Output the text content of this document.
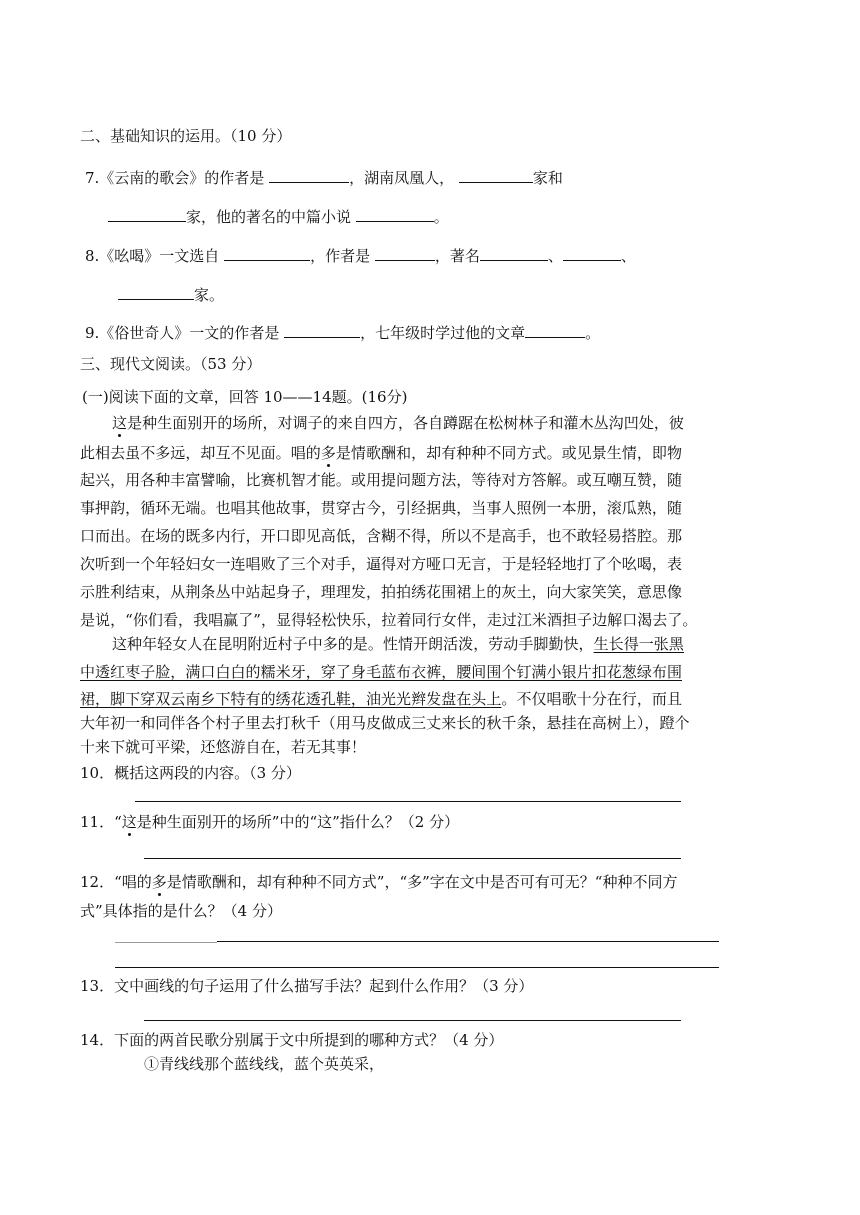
二、基础知识的运用。（10 分）
7.《云南的歌会》的作者是	，湖南凤凰人，	家和
家，他的著名的中篇小说	。
8.《吆喝》一文选自	，作者是	，著名	、	、
家。
9.《俗世奇人》一文的作者是	，七年级时学过他的文章	。
三、现代文阅读。（53 分）
(一)阅读下面的文章，回答 10——14题。(16分)
这是种生面别开的场所，对调子的来自四方，各自蹲踞在松树林子和灌木丛沟凹处，彼
此相去虽不多远，却互不见面。唱的多是情歌酬和，却有种种不同方式。或见景生情，即物
起兴，用各种丰富譬喻，比赛机智才能。或用提问题方法，等待对方答解。或互嘲互赞，随
事押韵，循环无端。也唱其他故事，贯穿古今，引经据典，当事人照例一本册，滚瓜熟，随
口而出。在场的既多内行，开口即见高低，含糊不得，所以不是高手，也不敢轻易搭腔。那
次听到一个年轻妇女一连唱败了三个对手，逼得对方哑口无言，于是轻轻地打了个吆喝，表
示胜利结束，从荆条丛中站起身子，理理发，拍拍绣花围裙上的灰土，向大家笑笑，意思像
是说，“你们看，我唱赢了”，显得轻松快乐，拉着同行女伴，走过江米酒担子边解口渴去了。
这种年轻女人在昆明附近村子中多的是。性情开朗活泼，劳动手脚勤快，生长得一张黑
中透红枣子脸，满口白白的糯米牙，穿了身毛蓝布衣裤，腰间围个钉满小银片扣花葱绿布围
裙，脚下穿双云南乡下特有的绣花透孔鞋，油光光辫发盘在头上。不仅唱歌十分在行，而且
大年初一和同伴各个村子里去打秋千（用马皮做成三丈来长的秋千条，悬挂在高树上），蹬个
十来下就可平梁，还悠游自在，若无其事！
10．概括这两段的内容。（3 分）
11．“这是种生面别开的场所”中的“这”指什么？（2 分）
12．“唱的多是情歌酬和，却有种种不同方式”，“多”字在文中是否可有可无？“种种不同方
式”具体指的是什么？（4 分）
13．文中画线的句子运用了什么描写手法？起到什么作用？（3 分）
14．下面的两首民歌分别属于文中所提到的哪种方式？（4 分）
①青线线那个蓝线线，蓝个英英采，
